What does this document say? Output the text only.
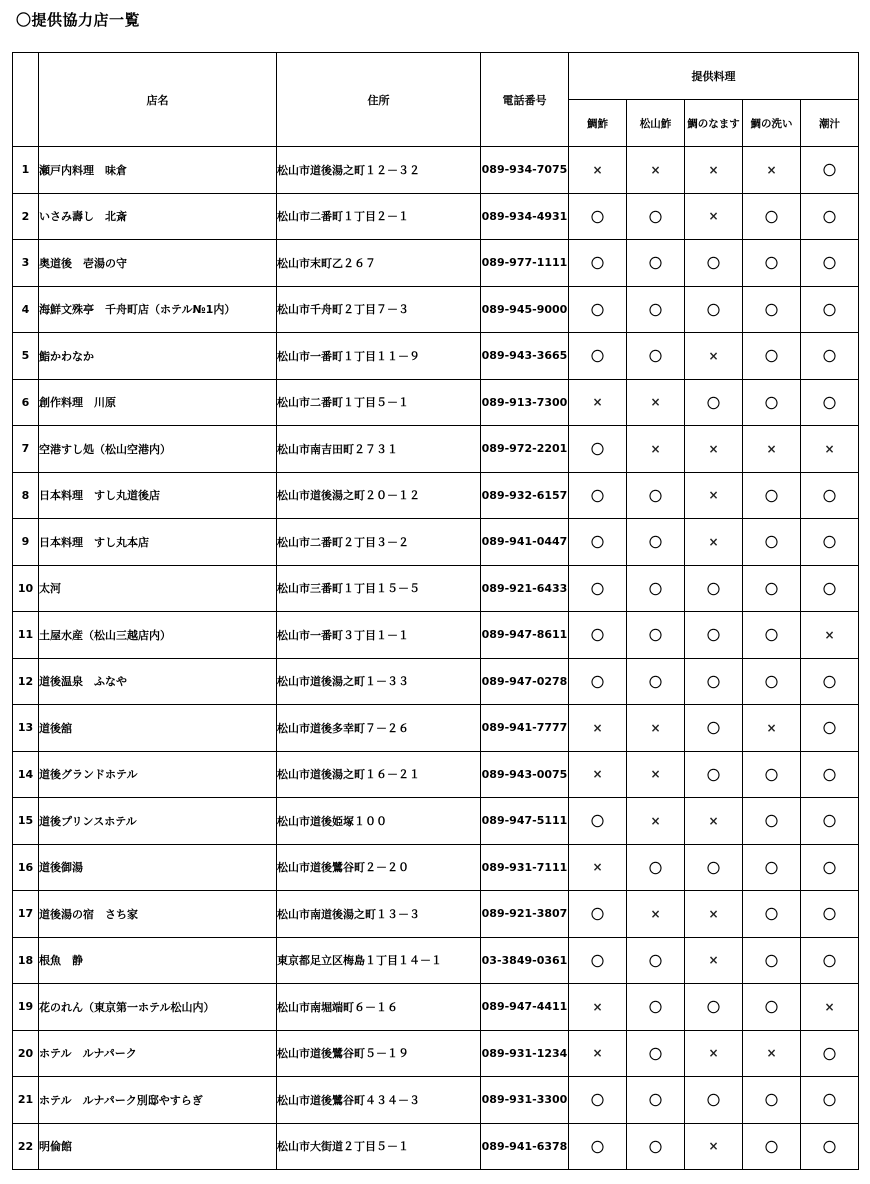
〇提供協力店一覧
	店名	住所	電話番号	提供料理				
				鯛鮓	松山鮓	鯛のなます	鯛の洗い	潮汁
1	瀬戸内料理　味倉	松山市道後湯之町１２－３２	089-934-7075	×	×	×	×	〇
2	いさみ壽し　北斎	松山市二番町１丁目２－１	089-934-4931	〇	〇	×	〇	〇
3	奥道後　壱湯の守	松山市末町乙２６７	089-977-1111	〇	〇	〇	〇	〇
4	海鮮文殊亭　千舟町店（ホテル№1内）	松山市千舟町２丁目７－３	089-945-9000	〇	〇	〇	〇	〇
5	鮨かわなか	松山市一番町１丁目１１－９	089-943-3665	〇	〇	×	〇	〇
6	創作料理　川原	松山市二番町１丁目５－１	089-913-7300	×	×	〇	〇	〇
7	空港すし処（松山空港内）	松山市南吉田町２７３１	089-972-2201	〇	×	×	×	×
8	日本料理　すし丸道後店	松山市道後湯之町２０－１２	089-932-6157	〇	〇	×	〇	〇
9	日本料理　すし丸本店	松山市二番町２丁目３－２	089-941-0447	〇	〇	×	〇	〇
10	太河	松山市三番町１丁目１５－５	089-921-6433	〇	〇	〇	〇	〇
11	土屋水産（松山三越店内）	松山市一番町３丁目１－１	089-947-8611	〇	〇	〇	〇	×
12	道後温泉　ふなや	松山市道後湯之町１－３３	089-947-0278	〇	〇	〇	〇	〇
13	道後舘	松山市道後多幸町７－２６	089-941-7777	×	×	〇	×	〇
14	道後グランドホテル	松山市道後湯之町１６－２１	089-943-0075	×	×	〇	〇	〇
15	道後プリンスホテル	松山市道後姫塚１００	089-947-5111	〇	×	×	〇	〇
16	道後御湯	松山市道後鷺谷町２－２０	089-931-7111	×	〇	〇	〇	〇
17	道後湯の宿　さち家	松山市南道後湯之町１３－３	089-921-3807	〇	×	×	〇	〇
18	根魚　静	東京都足立区梅島１丁目１４－１	03-3849-0361	〇	〇	×	〇	〇
19	花のれん（東京第一ホテル松山内）	松山市南堀端町６－１６	089-947-4411	×	〇	〇	〇	×
20	ホテル　ルナパーク	松山市道後鷺谷町５－１９	089-931-1234	×	〇	×	×	〇
21	ホテル　ルナパーク別邸やすらぎ	松山市道後鷺谷町４３４－３	089-931-3300	〇	〇	〇	〇	〇
22	明倫館	松山市大街道２丁目５－１	089-941-6378	〇	〇	×	〇	〇
